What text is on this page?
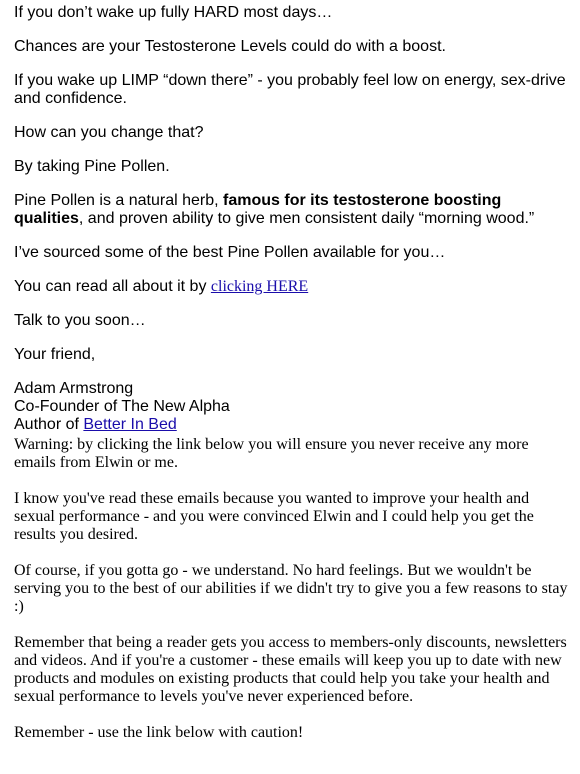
If you don’t wake up fully HARD most days…

Chances are your Testosterone Levels could do with a boost.

If you wake up LIMP “down there” - you probably feel low on energy, sex-drive and confidence.

How can you change that?

By taking Pine Pollen.

Pine Pollen is a natural herb, famous for its testosterone boosting qualities, and proven ability to give men consistent daily “morning wood.”

I’ve sourced some of the best Pine Pollen available for you…

You can read all about it by clicking HERE

Talk to you soon…

Your friend,

Adam Armstrong
Co-Founder of The New Alpha
Author of Better In Bed

Warning: by clicking the link below you will ensure you never receive any more emails from Elwin or me.

I know you've read these emails because you wanted to improve your health and sexual performance - and you were convinced Elwin and I could help you get the results you desired.

Of course, if you gotta go - we understand. No hard feelings. But we wouldn't be serving you to the best of our abilities if we didn't try to give you a few reasons to stay :)

Remember that being a reader gets you access to members-only discounts, newsletters and videos. And if you're a customer - these emails will keep you up to date with new products and modules on existing products that could help you take your health and sexual performance to levels you've never experienced before.

Remember - use the link below with caution!
